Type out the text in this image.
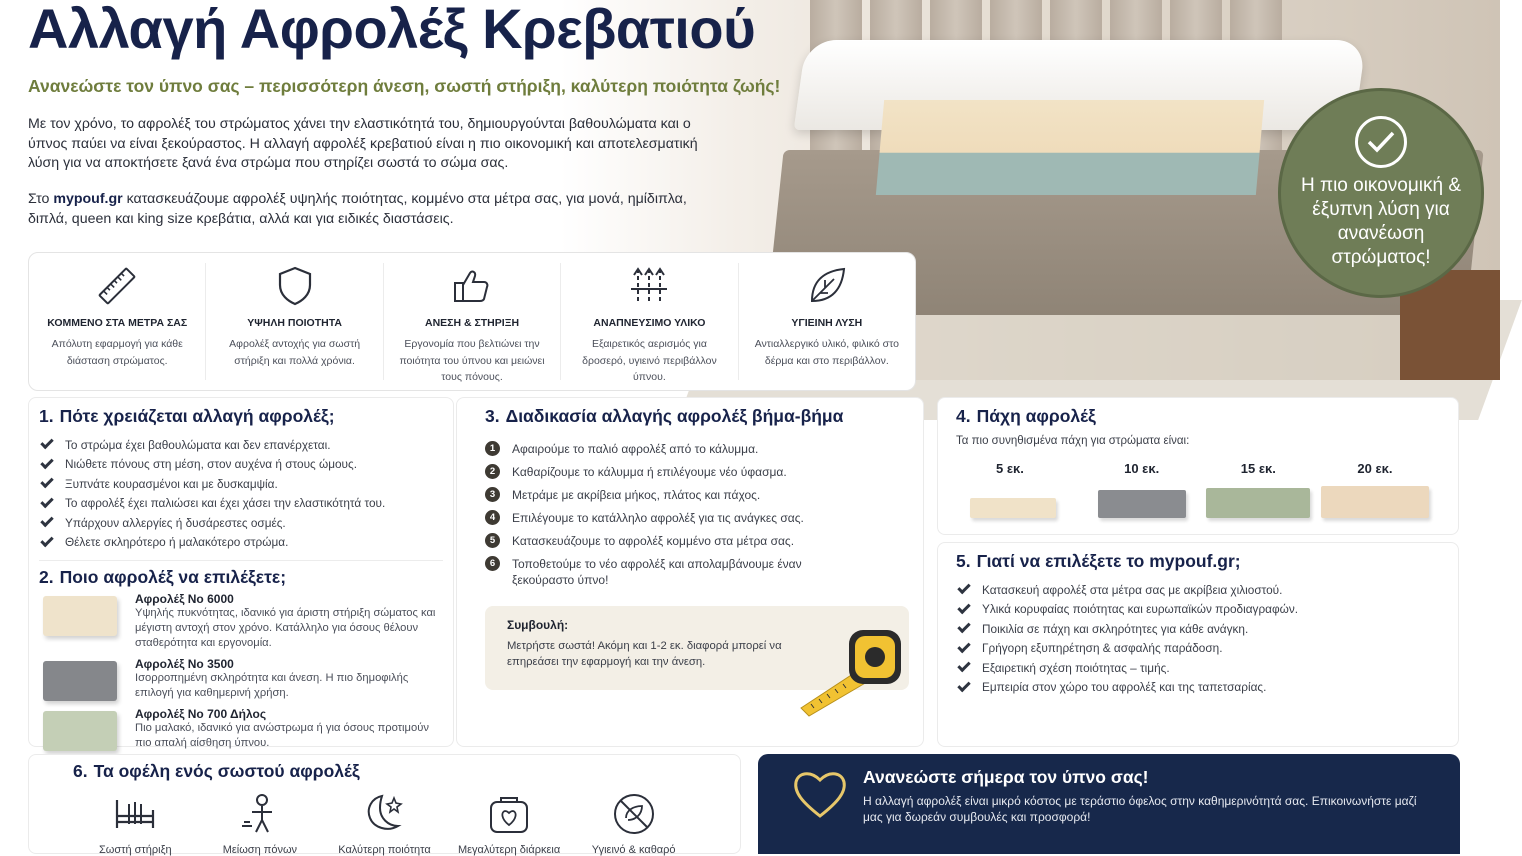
Η πιο οικονομική & έξυπνη λύση για ανανέωση στρώματος!
Αλλαγή Αφρολέξ Κρεβατιού
Ανανεώστε τον ύπνο σας – περισσότερη άνεση, σωστή στήριξη, καλύτερη ποιότητα ζωής!

Με τον χρόνο, το αφρολέξ του στρώματος χάνει την ελαστικότητά του, δημιουργούνται βαθουλώματα και ο ύπνος παύει να είναι ξεκούραστος. Η αλλαγή αφρολέξ κρεβατιού είναι η πιο οικονομική και αποτελεσματική λύση για να αποκτήσετε ξανά ένα στρώμα που στηρίζει σωστά το σώμα σας.

Στο mypouf.gr κατασκευάζουμε αφρολέξ υψηλής ποιότητας, κομμένο στα μέτρα σας, για μονά, ημίδιπλα, διπλά, queen και king size κρεβάτια, αλλά και για ειδικές διαστάσεις.

ΚΟΜΜΕΝΟ ΣΤΑ ΜΕΤΡΑ ΣΑΣ
Απόλυτη εφαρμογή για κάθε διάσταση στρώματος.
ΥΨΗΛΗ ΠΟΙΟΤΗΤΑ
Αφρολέξ αντοχής για σωστή στήριξη και πολλά χρόνια.
ΑΝΕΣΗ & ΣΤΗΡΙΞΗ
Εργονομία που βελτιώνει την ποιότητα του ύπνου και μειώνει τους πόνους.
ΑΝΑΠΝΕΥΣΙΜΟ ΥΛΙΚΟ
Εξαιρετικός αερισμός για δροσερό, υγιεινό περιβάλλον ύπνου.
ΥΓΙΕΙΝΗ ΛΥΣΗ
Αντιαλλεργικό υλικό, φιλικό στο δέρμα και στο περιβάλλον.
1. Πότε χρειάζεται αλλαγή αφρολέξ;
Το στρώμα έχει βαθουλώματα και δεν επανέρχεται.
Νιώθετε πόνους στη μέση, στον αυχένα ή στους ώμους.
Ξυπνάτε κουρασμένοι και με δυσκαμψία.
Το αφρολέξ έχει παλιώσει και έχει χάσει την ελαστικότητά του.
Υπάρχουν αλλεργίες ή δυσάρεστες οσμές.
Θέλετε σκληρότερο ή μαλακότερο στρώμα.
2. Ποιο αφρολέξ να επιλέξετε;
Αφρολέξ Νο 6000
Υψηλής πυκνότητας, ιδανικό για άριστη στήριξη σώματος και μέγιστη αντοχή στον χρόνο. Κατάλληλο για όσους θέλουν σταθερότητα και εργονομία.
Αφρολέξ Νο 3500
Ισορροπημένη σκληρότητα και άνεση. Η πιο δημοφιλής επιλογή για καθημερινή χρήση.
Αφρολέξ Νο 700 Δήλος
Πιο μαλακό, ιδανικό για ανώστρωμα ή για όσους προτιμούν πιο απαλή αίσθηση ύπνου.
3. Διαδικασία αλλαγής αφρολέξ βήμα-βήμα
1	Αφαιρούμε το παλιό αφρολέξ από το κάλυμμα.
2	Καθαρίζουμε το κάλυμμα ή επιλέγουμε νέο ύφασμα.
3	Μετράμε με ακρίβεια μήκος, πλάτος και πάχος.
4	Επιλέγουμε το κατάλληλο αφρολέξ για τις ανάγκες σας.
5	Κατασκευάζουμε το αφρολέξ κομμένο στα μέτρα σας.
6	Τοποθετούμε το νέο αφρολέξ και απολαμβάνουμε έναν ξεκούραστο ύπνο!
Συμβουλή:
Μετρήστε σωστά! Ακόμη και 1-2 εκ. διαφορά μπορεί να επηρεάσει την εφαρμογή και την άνεση.
4. Πάχη αφρολέξ
Τα πιο συνηθισμένα πάχη για στρώματα είναι:
5 εκ.	10 εκ.	15 εκ.	20 εκ.
5. Γιατί να επιλέξετε το mypouf.gr;
Κατασκευή αφρολέξ στα μέτρα σας με ακρίβεια χιλιοστού.
Υλικά κορυφαίας ποιότητας και ευρωπαϊκών προδιαγραφών.
Ποικιλία σε πάχη και σκληρότητες για κάθε ανάγκη.
Γρήγορη εξυπηρέτηση & ασφαλής παράδοση.
Εξαιρετική σχέση ποιότητας – τιμής.
Εμπειρία στον χώρο του αφρολέξ και της ταπετσαρίας.
6. Τα οφέλη ενός σωστού αφρολέξ
Σωστή στήριξη	Μείωση πόνων	Καλύτερη ποιότητα Μεγαλύτερη διάρκεια	Υγιεινό & καθαρό
Ανανεώστε σήμερα τον ύπνο σας!
Η αλλαγή αφρολέξ είναι μικρό κόστος με τεράστιο όφελος στην καθημερινότητά σας. Επικοινωνήστε μαζί μας για δωρεάν συμβουλές και προσφορά!
